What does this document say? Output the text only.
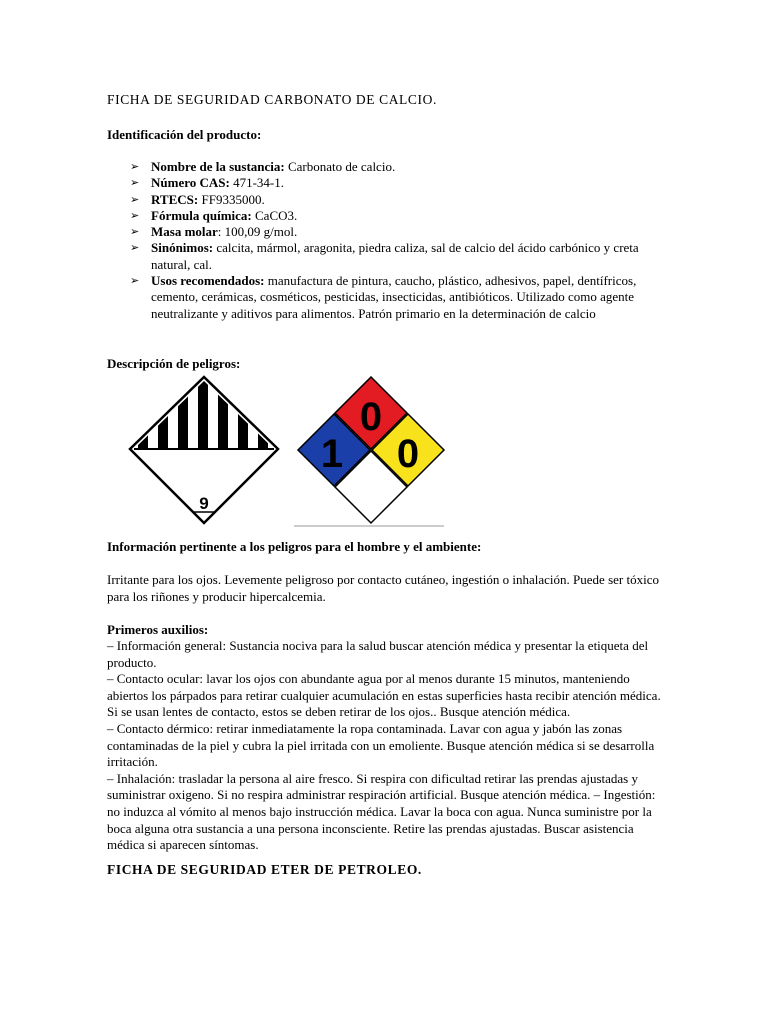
FICHA DE SEGURIDAD CARBONATO DE CALCIO.

Identificación del producto:

➢ Nombre de la sustancia: Carbonato de calcio.
➢ Número CAS: 471-34-1.
➢ RTECS: FF9335000.
➢ Fórmula química: CaCO3.
➢ Masa molar: 100,09 g/mol.
➢ Sinónimos: calcita, mármol, aragonita, piedra caliza, sal de calcio del ácido carbónico y creta natural, cal.
➢ Usos recomendados: manufactura de pintura, caucho, plástico, adhesivos, papel, dentífricos, cemento, cerámicas, cosméticos, pesticidas, insecticidas, antibióticos. Utilizado como agente neutralizante y aditivos para alimentos. Patrón primario en la determinación de calcio

Descripción de peligros:

9
0
1 0

Información pertinente a los peligros para el hombre y el ambiente:

Irritante para los ojos. Levemente peligroso por contacto cutáneo, ingestión o inhalación. Puede ser tóxico para los riñones y producir hipercalcemia.

Primeros auxilios:

– Información general: Sustancia nociva para la salud buscar atención médica y presentar la etiqueta del producto.
– Contacto ocular: lavar los ojos con abundante agua por al menos durante 15 minutos, manteniendo abiertos los párpados para retirar cualquier acumulación en estas superficies hasta recibir atención médica. Si se usan lentes de contacto, estos se deben retirar de los ojos.. Busque atención médica.
– Contacto dérmico: retirar inmediatamente la ropa contaminada. Lavar con agua y jabón las zonas contaminadas de la piel y cubra la piel irritada con un emoliente. Busque atención médica si se desarrolla irritación.
– Inhalación: trasladar la persona al aire fresco. Si respira con dificultad retirar las prendas ajustadas y suministrar oxigeno. Si no respira administrar respiración artificial. Busque atención médica. – Ingestión: no induzca al vómito al menos bajo instrucción médica. Lavar la boca con agua. Nunca suministre por la boca alguna otra sustancia a una persona inconsciente. Retire las prendas ajustadas. Buscar asistencia médica si aparecen síntomas.
FICHA DE SEGURIDAD ETER DE PETROLEO.
